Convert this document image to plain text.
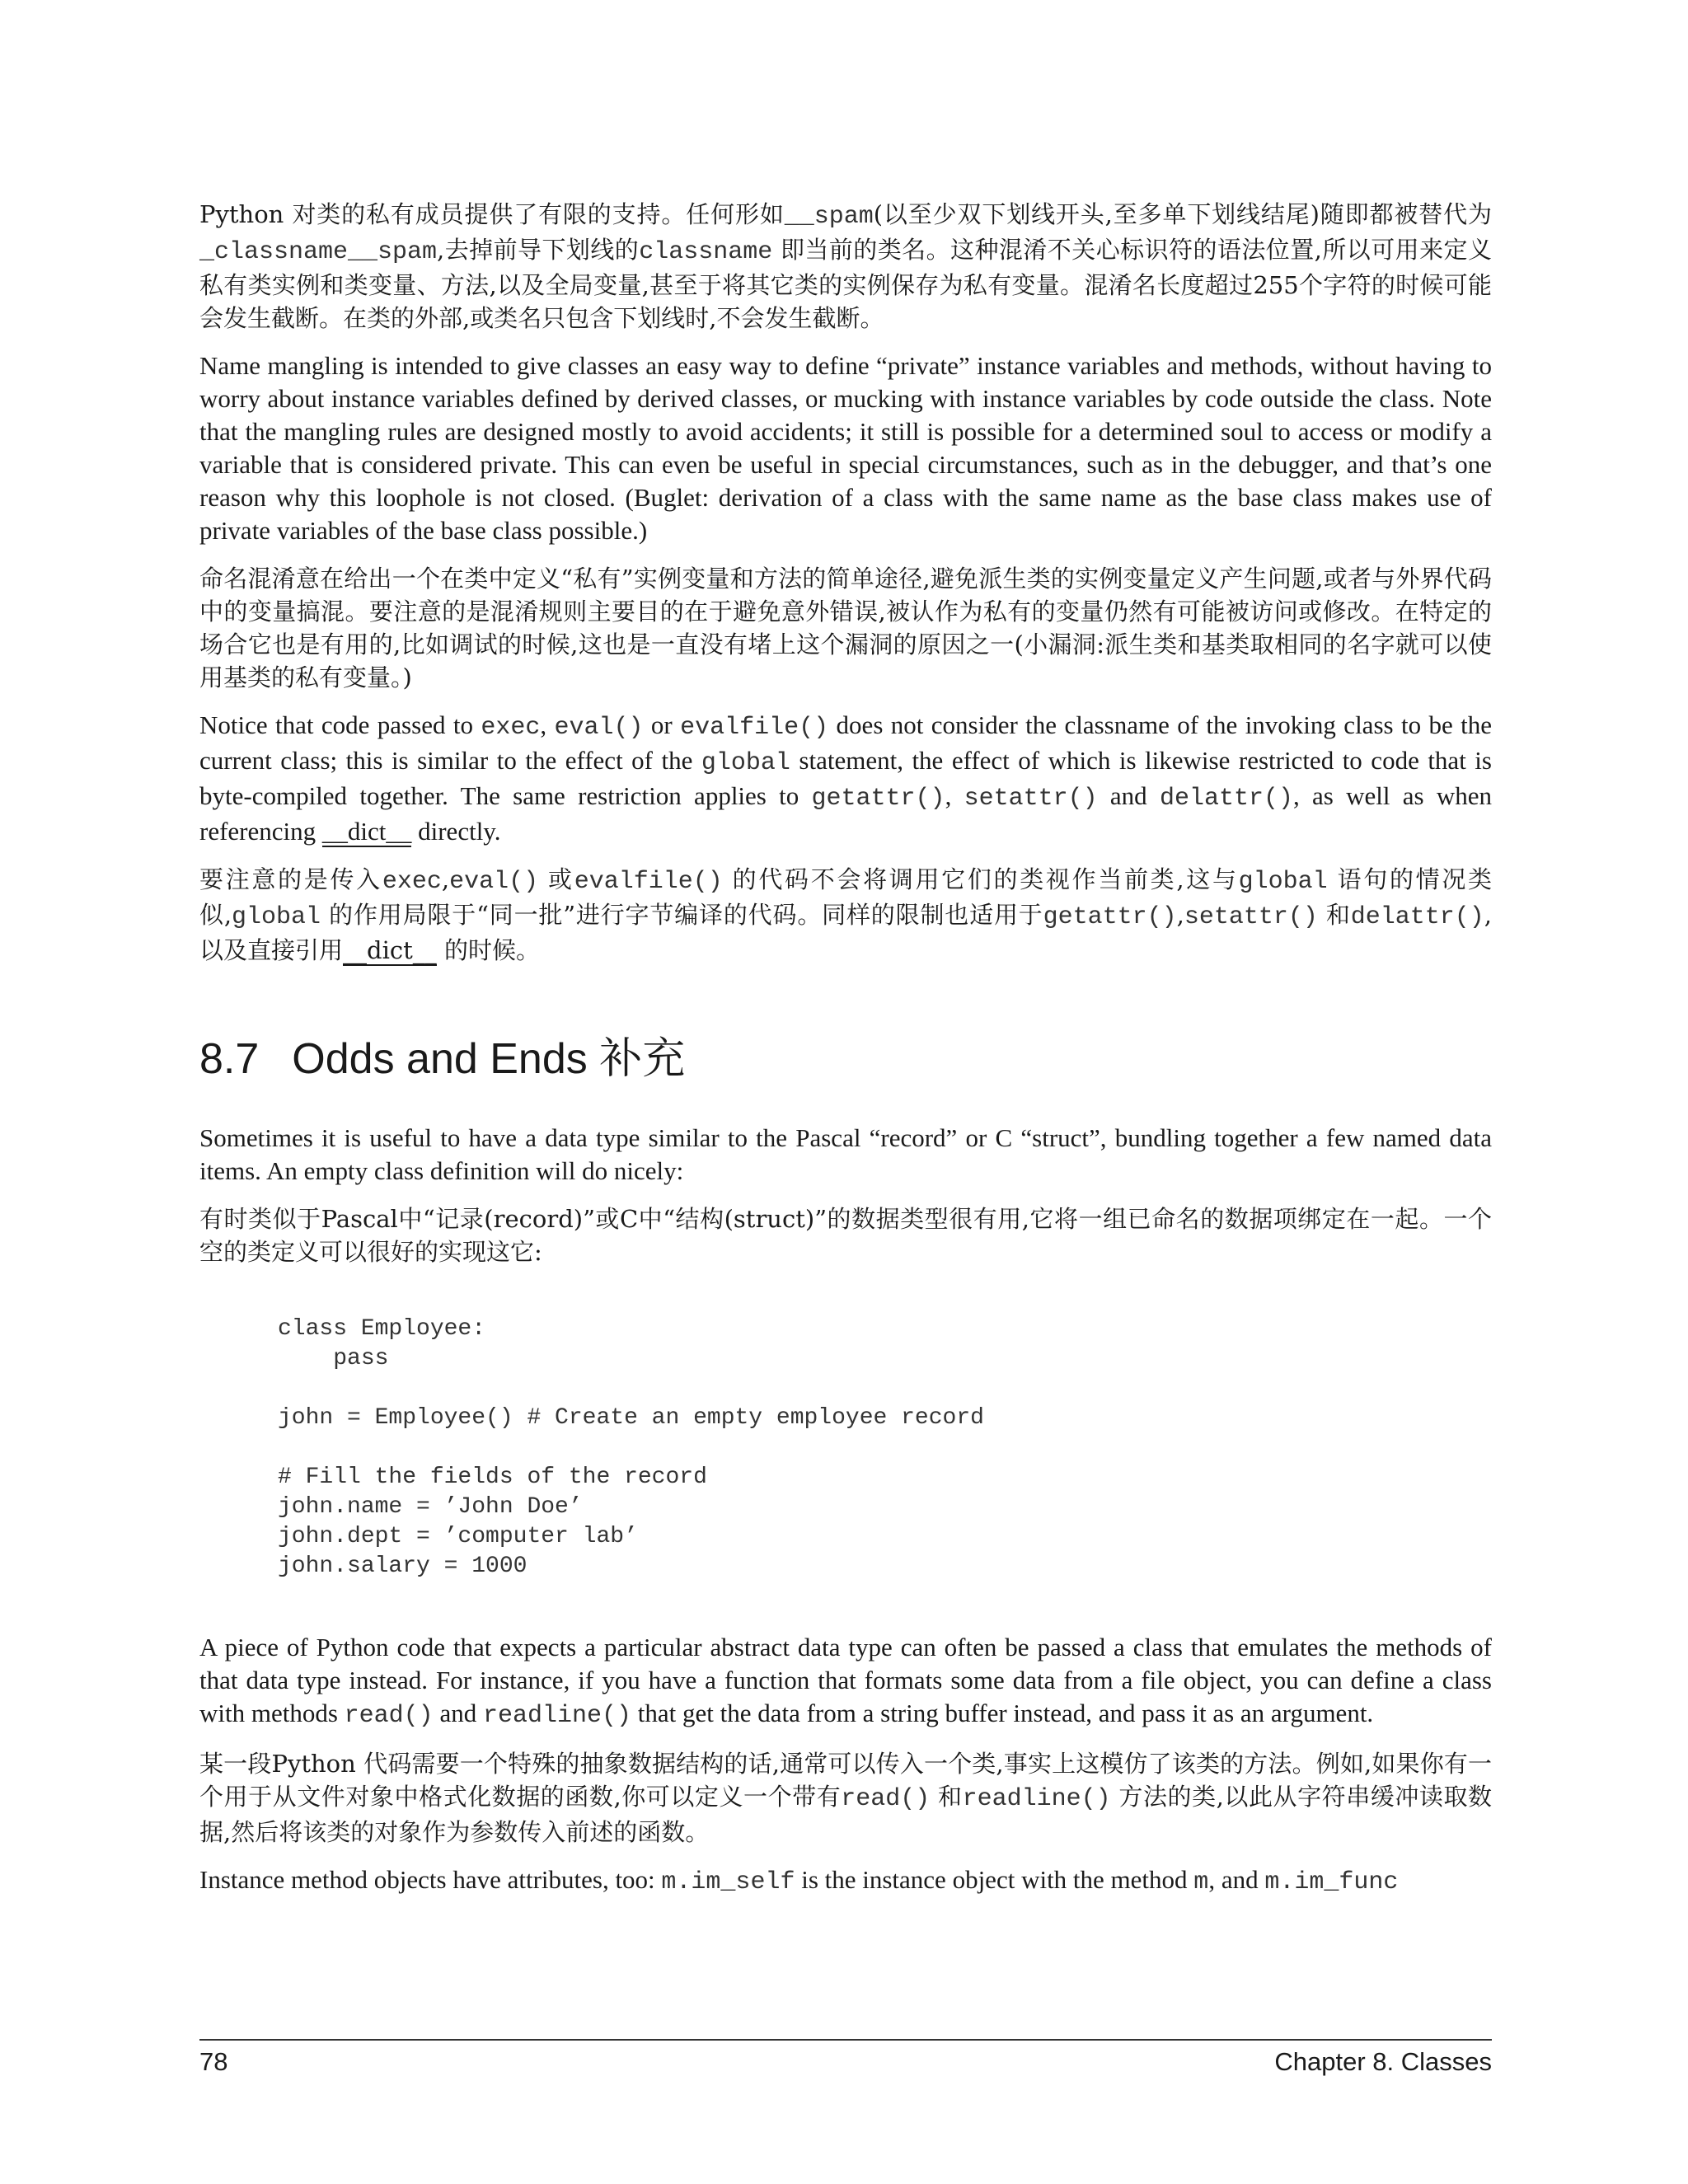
Python 对类的私有成员提供了有限的支持。任何形如__spam(以至少双下划线开头,至多单下划线结尾)随即都被替代为_classname__spam,去掉前导下划线的classname 即当前的类名。这种混淆不关心标识符的语法位置,所以可用来定义私有类实例和类变量、方法,以及全局变量,甚至于将其它类的实例保存为私有变量。混淆名长度超过255个字符的时候可能会发生截断。在类的外部,或类名只包含下划线时,不会发生截断。

Name mangling is intended to give classes an easy way to define “private” instance variables and methods, without having to worry about instance variables defined by derived classes, or mucking with instance variables by code outside the class. Note that the mangling rules are designed mostly to avoid accidents; it still is possible for a determined soul to access or modify a variable that is considered private. This can even be useful in special circumstances, such as in the debugger, and that’s one reason why this loophole is not closed. (Buglet: derivation of a class with the same name as the base class makes use of private variables of the base class possible.)

命名混淆意在给出一个在类中定义“私有”实例变量和方法的简单途径,避免派生类的实例变量定义产生问题,或者与外界代码中的变量搞混。要注意的是混淆规则主要目的在于避免意外错误,被认作为私有的变量仍然有可能被访问或修改。在特定的场合它也是有用的,比如调试的时候,这也是一直没有堵上这个漏洞的原因之一(小漏洞:派生类和基类取相同的名字就可以使用基类的私有变量。)

Notice that code passed to exec, eval() or evalfile() does not consider the classname of the invoking class to be the current class; this is similar to the effect of the global statement, the effect of which is likewise restricted to code that is byte-compiled together. The same restriction applies to getattr(), setattr() and delattr(), as well as when referencing __dict__ directly.

要注意的是传入exec,eval() 或evalfile() 的代码不会将调用它们的类视作当前类,这与global 语句的情况类似,global 的作用局限于“同一批”进行字节编译的代码。同样的限制也适用于getattr(),setattr() 和delattr(),以及直接引用__dict__ 的时候。

8.7 Odds and Ends 补充

Sometimes it is useful to have a data type similar to the Pascal “record” or C “struct”, bundling together a few named data items. An empty class definition will do nicely:

有时类似于Pascal中“记录(record)”或C中“结构(struct)”的数据类型很有用,它将一组已命名的数据项绑定在一起。一个空的类定义可以很好的实现这它:

class Employee:
pass

john = Employee() # Create an empty employee record

# Fill the fields of the record
john.name = ’John Doe’
john.dept = ’computer lab’
john.salary = 1000

A piece of Python code that expects a particular abstract data type can often be passed a class that emulates the methods of that data type instead. For instance, if you have a function that formats some data from a file object, you can define a class with methods read() and readline() that get the data from a string buffer instead, and pass it as an argument.

某一段Python 代码需要一个特殊的抽象数据结构的话,通常可以传入一个类,事实上这模仿了该类的方法。例如,如果你有一个用于从文件对象中格式化数据的函数,你可以定义一个带有read() 和readline() 方法的类,以此从字符串缓冲读取数据,然后将该类的对象作为参数传入前述的函数。

Instance method objects have attributes, too: m.im_self is the instance object with the method m, and m.im_func

78	Chapter 8. Classes
